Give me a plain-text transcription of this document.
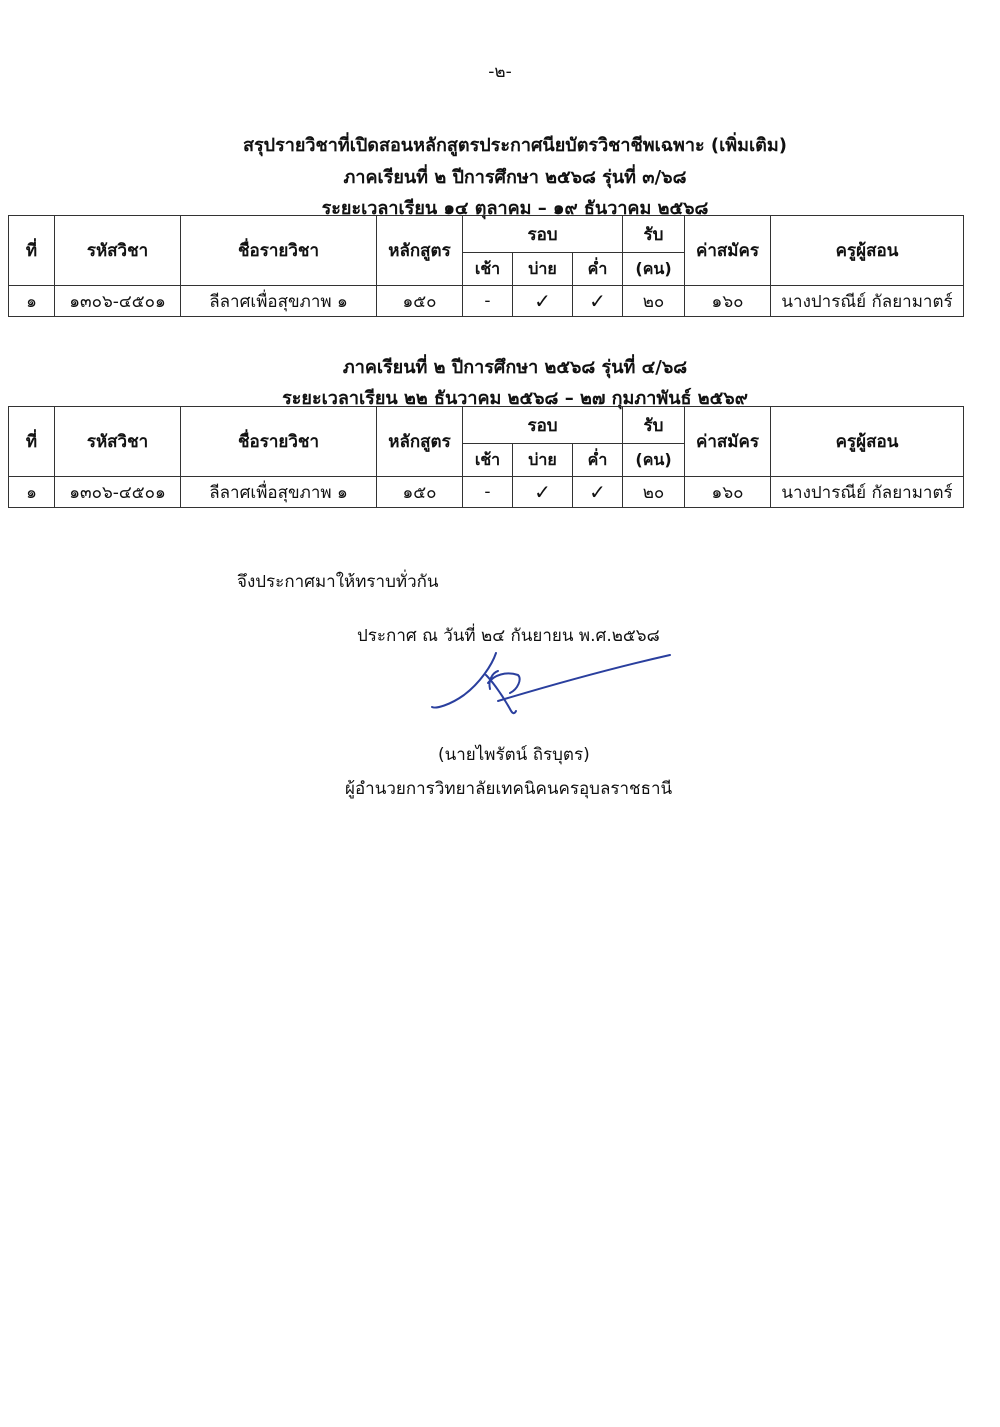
-๒-
สรุปรายวิชาที่เปิดสอนหลักสูตรประกาศนียบัตรวิชาชีพเฉพาะ (เพิ่มเติม)
ภาคเรียนที่ ๒ ปีการศึกษา ๒๕๖๘ รุ่นที่ ๓/๖๘
ระยะเวลาเรียน ๑๔ ตุลาคม – ๑๙ ธันวาคม ๒๕๖๘
ที่	รหัสวิชา	ชื่อรายวิชา	หลักสูตร	รอบ			รับ	ค่าสมัคร	ครูผู้สอน
				เช้า	บ่าย	ค่ำ	(คน)		
๑	๑๓๐๖-๔๕๐๑	ลีลาศเพื่อสุขภาพ ๑	๑๕๐	-	✓	✓	๒๐	๑๖๐	นางปารณีย์ กัลยามาตร์
ภาคเรียนที่ ๒ ปีการศึกษา ๒๕๖๘ รุ่นที่ ๔/๖๘
ระยะเวลาเรียน ๒๒ ธันวาคม ๒๕๖๘ – ๒๗ กุมภาพันธ์ ๒๕๖๙
ที่	รหัสวิชา	ชื่อรายวิชา	หลักสูตร	รอบ			รับ	ค่าสมัคร	ครูผู้สอน
				เช้า	บ่าย	ค่ำ	(คน)		
๑	๑๓๐๖-๔๕๐๑	ลีลาศเพื่อสุขภาพ ๑	๑๕๐	-	✓	✓	๒๐	๑๖๐	นางปารณีย์ กัลยามาตร์
จึงประกาศมาให้ทราบทั่วกัน
ประกาศ ณ วันที่ ๒๔ กันยายน พ.ศ.๒๕๖๘
(นายไพรัตน์ ถิรบุตร)
ผู้อำนวยการวิทยาลัยเทคนิคนครอุบลราชธานี
